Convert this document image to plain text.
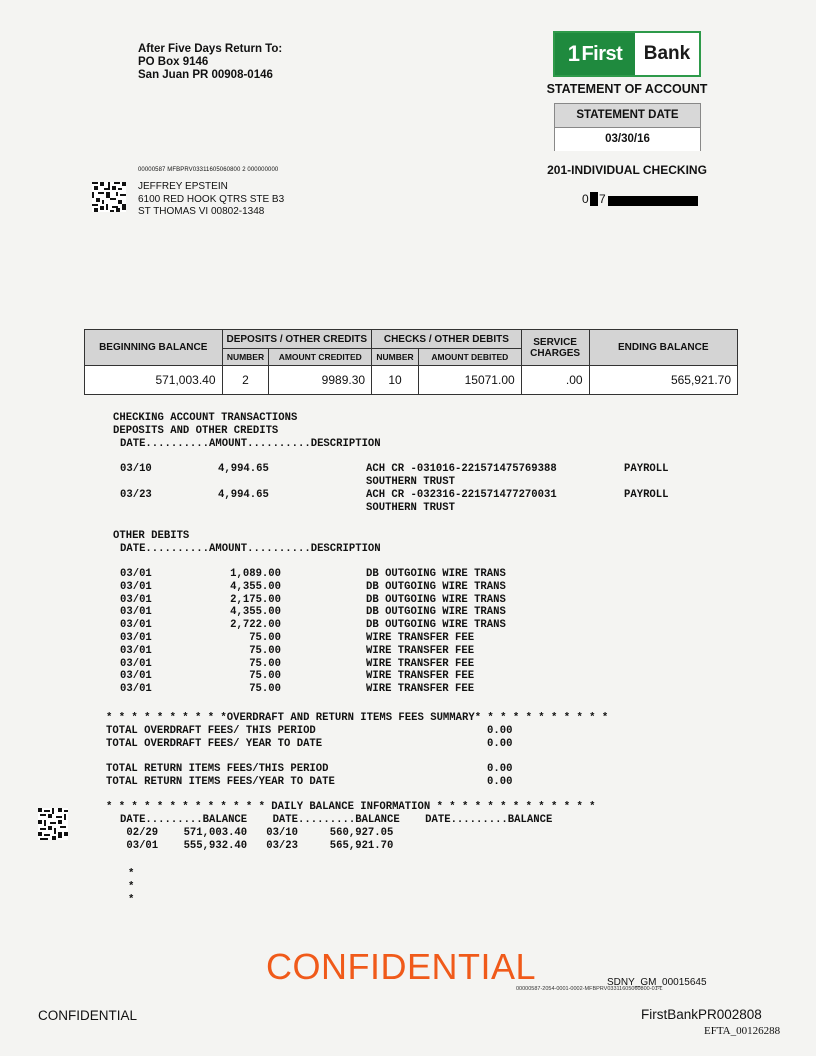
After Five Days Return To:
PO Box 9146
San Juan PR 00908-0146
1 First	Bank
STATEMENT OF ACCOUNT
STATEMENT DATE
03/30/16
201-INDIVIDUAL CHECKING
0 7
00000587 MFBPRV03311605060800 2 000000000
JEFFREY EPSTEIN
6100 RED HOOK QTRS STE B3
ST THOMAS VI 00802-1348
BEGINNING BALANCE	DEPOSITS / OTHER CREDITS		CHECKS / OTHER DEBITS		SERVICE CHARGES	ENDING BALANCE
	NUMBER	AMOUNT CREDITED	NUMBER	AMOUNT DEBITED		
571,003.40	2	9989.30	10	15071.00	.00	565,921.70
CHECKING ACCOUNT TRANSACTIONS
DEPOSITS AND OTHER CREDITS
DATE..........AMOUNT..........DESCRIPTION
03/10	4,994.65	ACH CR -031016-221571475769388	PAYROLL
SOUTHERN TRUST
03/23	4,994.65	ACH CR -032316-221571477270031	PAYROLL
SOUTHERN TRUST
OTHER DEBITS
DATE..........AMOUNT..........DESCRIPTION
03/01	1,089.00	DB OUTGOING WIRE TRANS
03/01	4,355.00	DB OUTGOING WIRE TRANS
03/01	2,175.00	DB OUTGOING WIRE TRANS
03/01	4,355.00	DB OUTGOING WIRE TRANS
03/01	2,722.00	DB OUTGOING WIRE TRANS
03/01	75.00	WIRE TRANSFER FEE
03/01	75.00	WIRE TRANSFER FEE
03/01	75.00	WIRE TRANSFER FEE
03/01	75.00	WIRE TRANSFER FEE
03/01	75.00	WIRE TRANSFER FEE
* * * * * * * * * *OVERDRAFT AND RETURN ITEMS FEES SUMMARY* * * * * * * * * * *
TOTAL OVERDRAFT FEES/ THIS PERIOD	0.00
TOTAL OVERDRAFT FEES/ YEAR TO DATE	0.00
TOTAL RETURN ITEMS FEES/THIS PERIOD	0.00
TOTAL RETURN ITEMS FEES/YEAR TO DATE	0.00
* * * * * * * * * * * * * DAILY BALANCE INFORMATION * * * * * * * * * * * * *
DATE.........BALANCE    DATE.........BALANCE    DATE.........BALANCE
02/29    571,003.40   03/10     560,927.05
03/01    555,932.40   03/23     565,921.70
*
*
*
CONFIDENTIAL	SDNY_GM_00015645
00000587-2054-0001-0002-MFBPRV03311605060800-01-L
CONFIDENTIAL	FirstBankPR002808
EFTA_00126288
